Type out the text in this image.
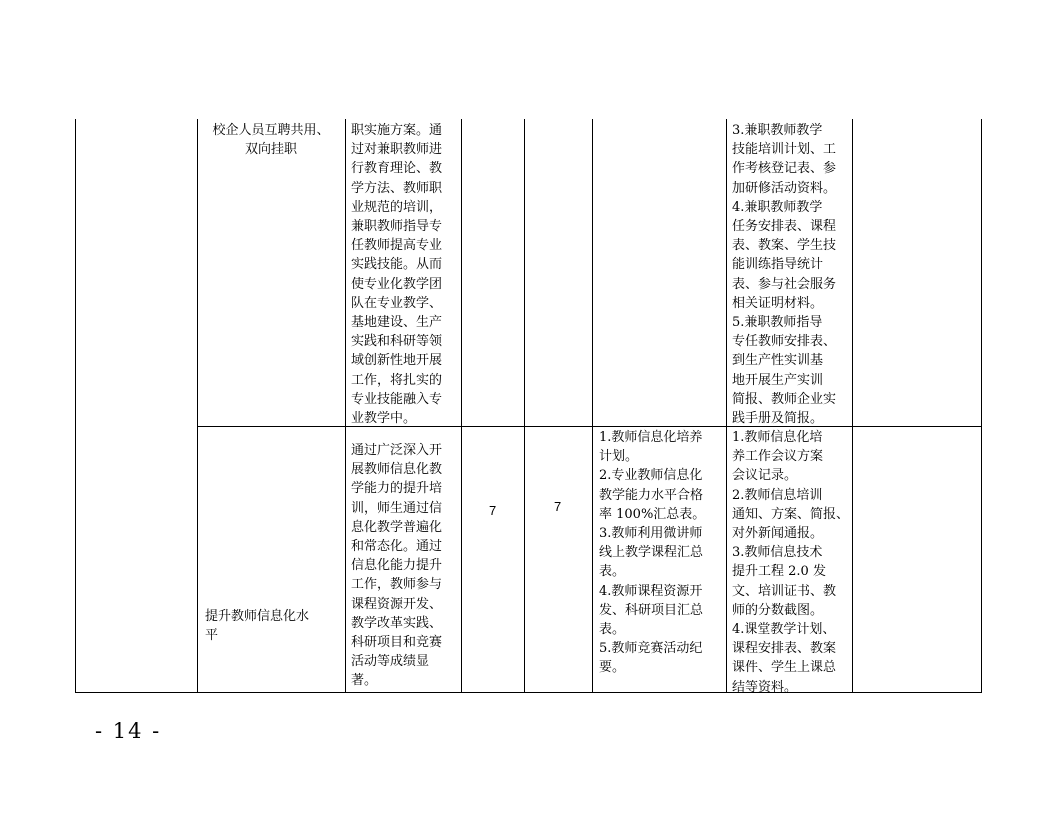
校企人员互聘共用、
双向挂职
职实施方案。通
过对兼职教师进
行教育理论、教
学方法、教师职
业规范的培训，
兼职教师指导专
任教师提高专业
实践技能。从而
使专业化教学团
队在专业教学、
基地建设、生产
实践和科研等领
域创新性地开展
工作，将扎实的
专业技能融入专
业教学中。
3.兼职教师教学
技能培训计划、工
作考核登记表、参
加研修活动资料。
4.兼职教师教学
任务安排表、课程
表、教案、学生技
能训练指导统计
表、参与社会服务
相关证明材料。
5.兼职教师指导
专任教师安排表、
到生产性实训基
地开展生产实训
简报、教师企业实
践手册及简报。
提升教师信息化水
平
通过广泛深入开
展教师信息化教
学能力的提升培
训，师生通过信
息化教学普遍化
和常态化。通过
信息化能力提升
工作，教师参与
课程资源开发、
教学改革实践、
科研项目和竞赛
活动等成绩显
著。
7	7
1.教师信息化培养
计划。
2.专业教师信息化
教学能力水平合格
率 100%汇总表。
3.教师利用微讲师
线上教学课程汇总
表。
4.教师课程资源开
发、科研项目汇总
表。
5.教师竞赛活动纪
要。
1.教师信息化培
养工作会议方案
会议记录。
2.教师信息培训
通知、方案、简报、
对外新闻通报。
3.教师信息技术
提升工程 2.0 发
文、培训证书、教
师的分数截图。
4.课堂教学计划、
课程安排表、教案
课件、学生上课总
结等资料。
- 14 -
